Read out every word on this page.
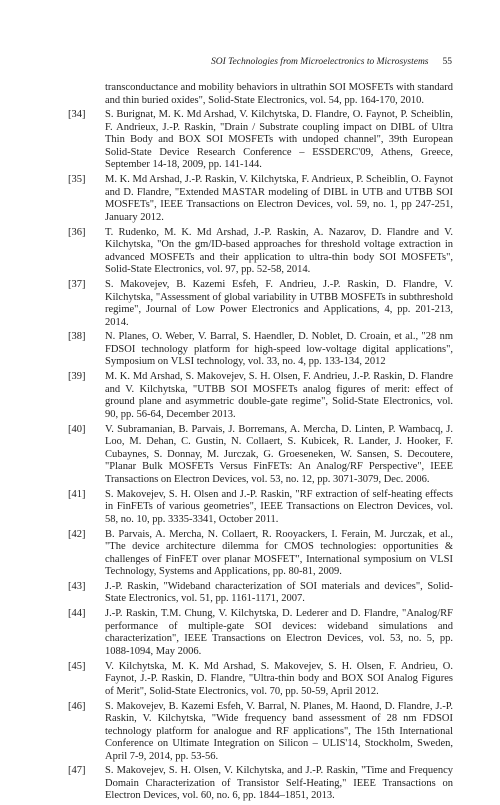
SOI Technologies from Microelectronics to Microsystems 55
transconductance and mobility behaviors in ultrathin SOI MOSFETs with standard and thin buried oxides", Solid-State Electronics, vol. 54, pp. 164-170, 2010.
[34]	S. Burignat, M. K. Md Arshad, V. Kilchytska, D. Flandre, O. Faynot, P. Scheiblin, F. Andrieux, J.-P. Raskin, "Drain / Substrate coupling impact on DIBL of Ultra Thin Body and BOX SOI MOSFETs with undoped channel", 39th European Solid-State Device Research Conference – ESSDERC'09, Athens, Greece, September 14-18, 2009, pp. 141-144.
[35]	M. K. Md Arshad, J.-P. Raskin, V. Kilchytska, F. Andrieux, P. Scheiblin, O. Faynot and D. Flandre, "Extended MASTAR modeling of DIBL in UTB and UTBB SOI MOSFETs", IEEE Transactions on Electron Devices, vol. 59, no. 1, pp 247-251, January 2012.
[36]	T. Rudenko, M. K. Md Arshad, J.-P. Raskin, A. Nazarov, D. Flandre and V. Kilchytska, "On the gm/ID-based approaches for threshold voltage extraction in advanced MOSFETs and their application to ultra-thin body SOI MOSFETs", Solid-State Electronics, vol. 97, pp. 52-58, 2014.
[37]	S. Makovejev, B. Kazemi Esfeh, F. Andrieu, J.-P. Raskin, D. Flandre, V. Kilchytska, "Assessment of global variability in UTBB MOSFETs in subthreshold regime", Journal of Low Power Electronics and Applications, 4, pp. 201-213, 2014.
[38]	N. Planes, O. Weber, V. Barral, S. Haendler, D. Noblet, D. Croain, et al., "28 nm FDSOI technology platform for high-speed low-voltage digital applications", Symposium on VLSI technology, vol. 33, no. 4, pp. 133-134, 2012
[39]	M. K. Md Arshad, S. Makovejev, S. H. Olsen, F. Andrieu, J.-P. Raskin, D. Flandre and V. Kilchytska, "UTBB SOI MOSFETs analog figures of merit: effect of ground plane and asymmetric double-gate regime", Solid-State Electronics, vol. 90, pp. 56-64, December 2013.
[40]	V. Subramanian, B. Parvais, J. Borremans, A. Mercha, D. Linten, P. Wambacq, J. Loo, M. Dehan, C. Gustin, N. Collaert, S. Kubicek, R. Lander, J. Hooker, F. Cubaynes, S. Donnay, M. Jurczak, G. Groeseneken, W. Sansen, S. Decoutere, "Planar Bulk MOSFETs Versus FinFETs: An Analog/RF Perspective", IEEE Transactions on Electron Devices, vol. 53, no. 12, pp. 3071-3079, Dec. 2006.
[41]	S. Makovejev, S. H. Olsen and J.-P. Raskin, "RF extraction of self-heating effects in FinFETs of various geometries", IEEE Transactions on Electron Devices, vol. 58, no. 10, pp. 3335-3341, October 2011.
[42]	B. Parvais, A. Mercha, N. Collaert, R. Rooyackers, I. Ferain, M. Jurczak, et al., "The device architecture dilemma for CMOS technologies: opportunities & challenges of FinFET over planar MOSFET", International symposium on VLSI Technology, Systems and Applications, pp. 80-81, 2009.
[43]	J.-P. Raskin, "Wideband characterization of SOI materials and devices", Solid-State Electronics, vol. 51, pp. 1161-1171, 2007.
[44]	J.-P. Raskin, T.M. Chung, V. Kilchytska, D. Lederer and D. Flandre, "Analog/RF performance of multiple-gate SOI devices: wideband simulations and characterization", IEEE Transactions on Electron Devices, vol. 53, no. 5, pp. 1088-1094, May 2006.
[45]	V. Kilchytska, M. K. Md Arshad, S. Makovejev, S. H. Olsen, F. Andrieu, O. Faynot, J.-P. Raskin, D. Flandre, "Ultra-thin body and BOX SOI Analog Figures of Merit", Solid-State Electronics, vol. 70, pp. 50-59, April 2012.
[46]	S. Makovejev, B. Kazemi Esfeh, V. Barral, N. Planes, M. Haond, D. Flandre, J.-P. Raskin, V. Kilchytska, "Wide frequency band assessment of 28 nm FDSOI technology platform for analogue and RF applications", The 15th International Conference on Ultimate Integration on Silicon – ULIS'14, Stockholm, Sweden, April 7-9, 2014, pp. 53-56.
[47]	S. Makovejev, S. H. Olsen, V. Kilchytska, and J.-P. Raskin, "Time and Frequency Domain Characterization of Transistor Self-Heating," IEEE Transactions on Electron Devices, vol. 60, no. 6, pp. 1844–1851, 2013.
